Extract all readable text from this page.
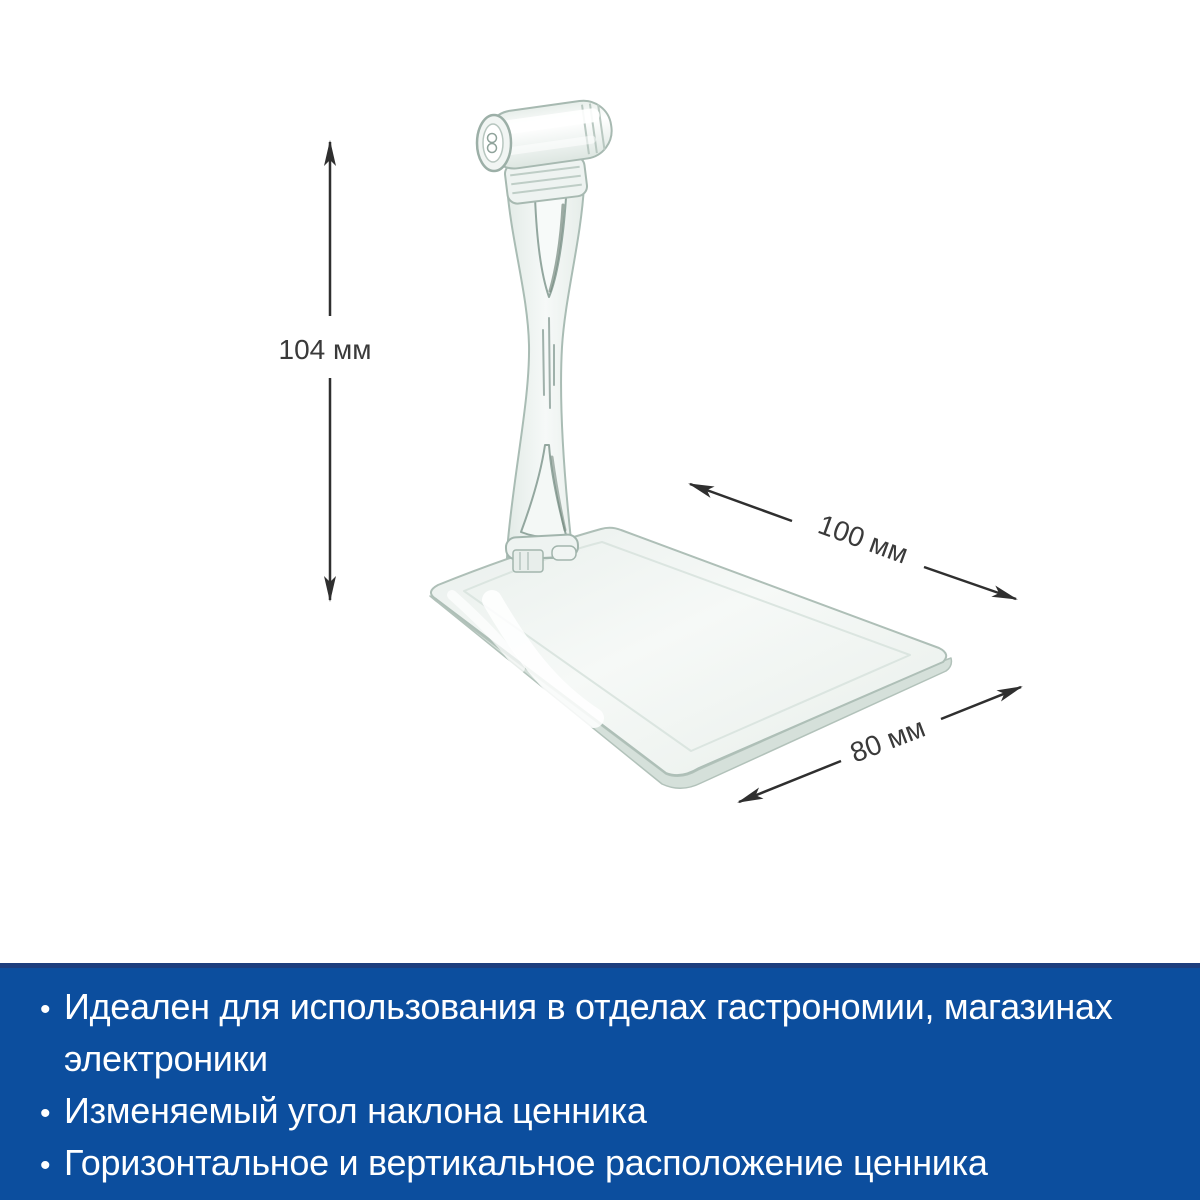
104 мм
100 мм
80 мм
• Идеален для использования в отделах гастрономии, магазинах
электроники
• Изменяемый угол наклона ценника
• Горизонтальное и вертикальное расположение ценника
